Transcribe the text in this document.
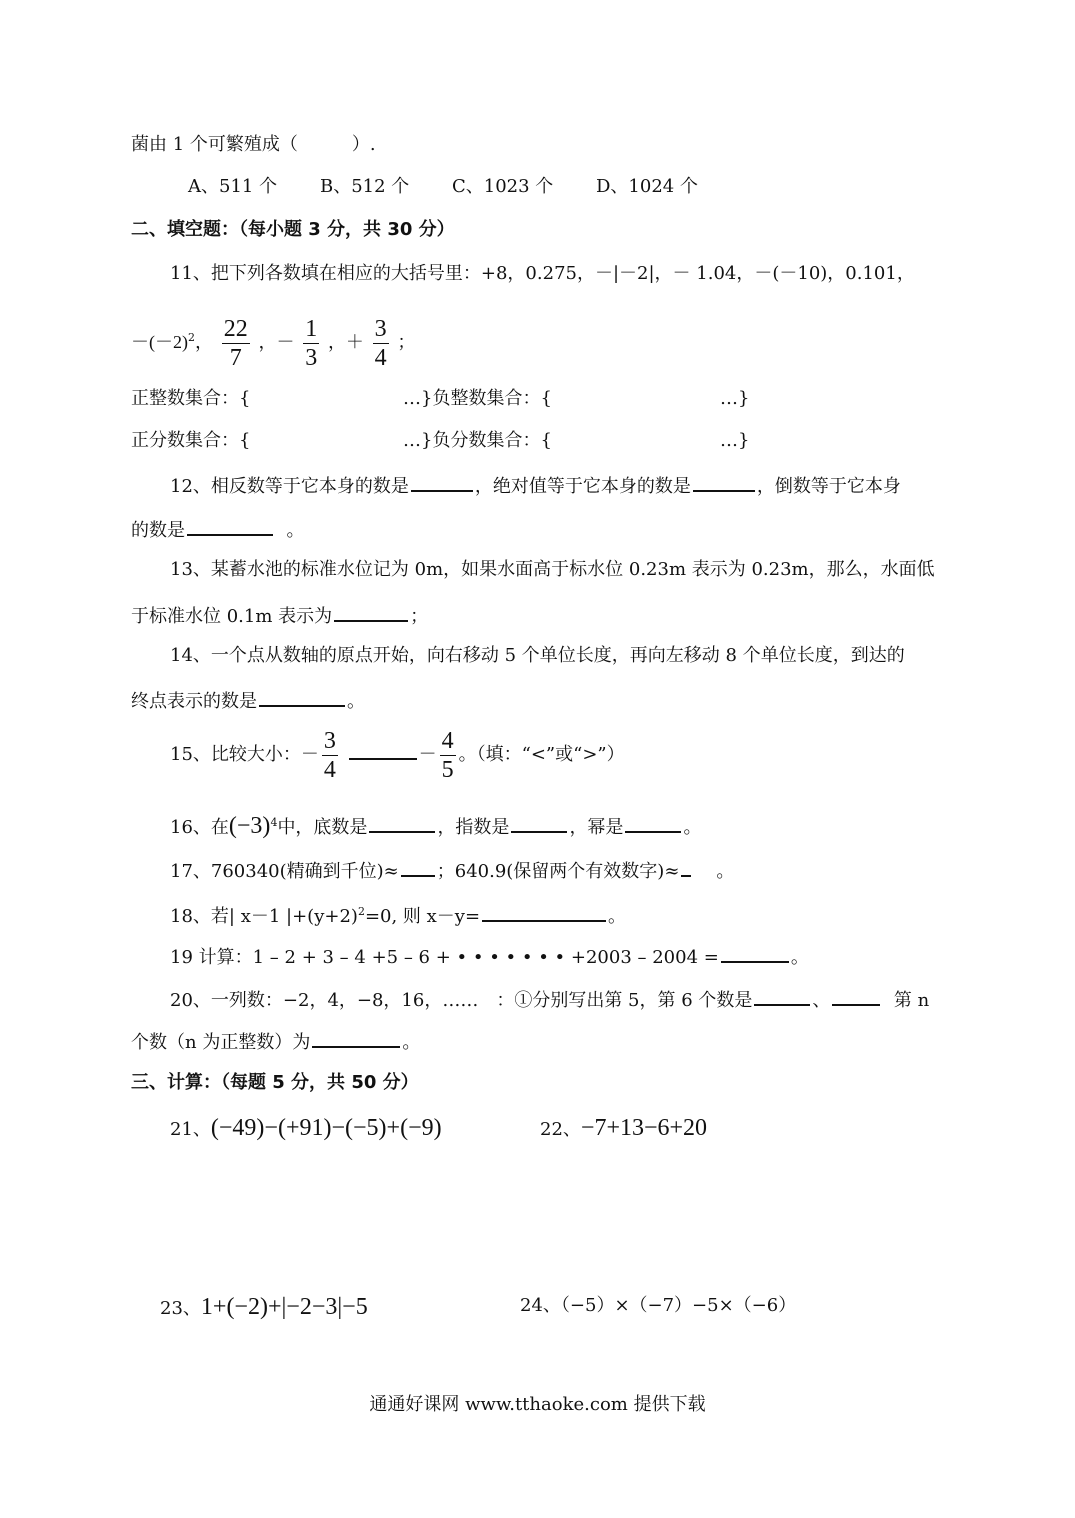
菌由 1 个可繁殖成（　　　）.
A、511 个 B、512 个 C、1023 个 D、1024 个
二、填空题：（每小题 3 分，共 30 分）
11、把下列各数填在相应的大括号里：+8，0.275，－|－2|，－ 1.04，－(－10)，0.101，
$-(-2)^2$， $\frac{22}{7}$ ，－ $\frac{1}{3}$ ，＋ $\frac{3}{4}$ ；
正整数集合：{	…}负整数集合：{	…}
正分数集合：{	…}负分数集合：{	…}
12、相反数等于它本身的数是	，绝对值等于它本身的数是	，倒数等于它本身
的数是	。
13、某蓄水池的标准水位记为 0m，如果水面高于标水位 0.23m 表示为 0.23m，那么，水面低
于标准水位 0.1m 表示为	；
14、一个点从数轴的原点开始，向右移动 5 个单位长度，再向左移动 8 个单位长度，到达的
终点表示的数是	。
15、比较大小：－ $\frac{3}{4}$	－ $\frac{4}{5}$ 。（填：“<”或“>”）
16、在$(-3)^4$中，底数是	，指数是	，幂是	。
17、760340(精确到千位)≈ ；640.9(保留两个有效数字)≈ 。
18、若| x－1 $|+(y+2)^2=0$, 则 x－y=	。
19 计算：1 – 2 + 3 – 4 +5 – 6 + • • • • • • • +2003 – 2004 =	。
20、一列数：−2，4，−8，16，……　：①分别写出第 5，第 6 个数是	、	第 n
个数（n 为正整数）为	。
三、计算：（每题 5 分，共 50 分）
21、(−49)−(+91)−(−5)+(−9)	22、−7+13−6+20
23、1+(−2)+|−2−3|−5	24、（−5）×（−7）−5×（−6）
通通好课网 www.tthaoke.com 提供下载
